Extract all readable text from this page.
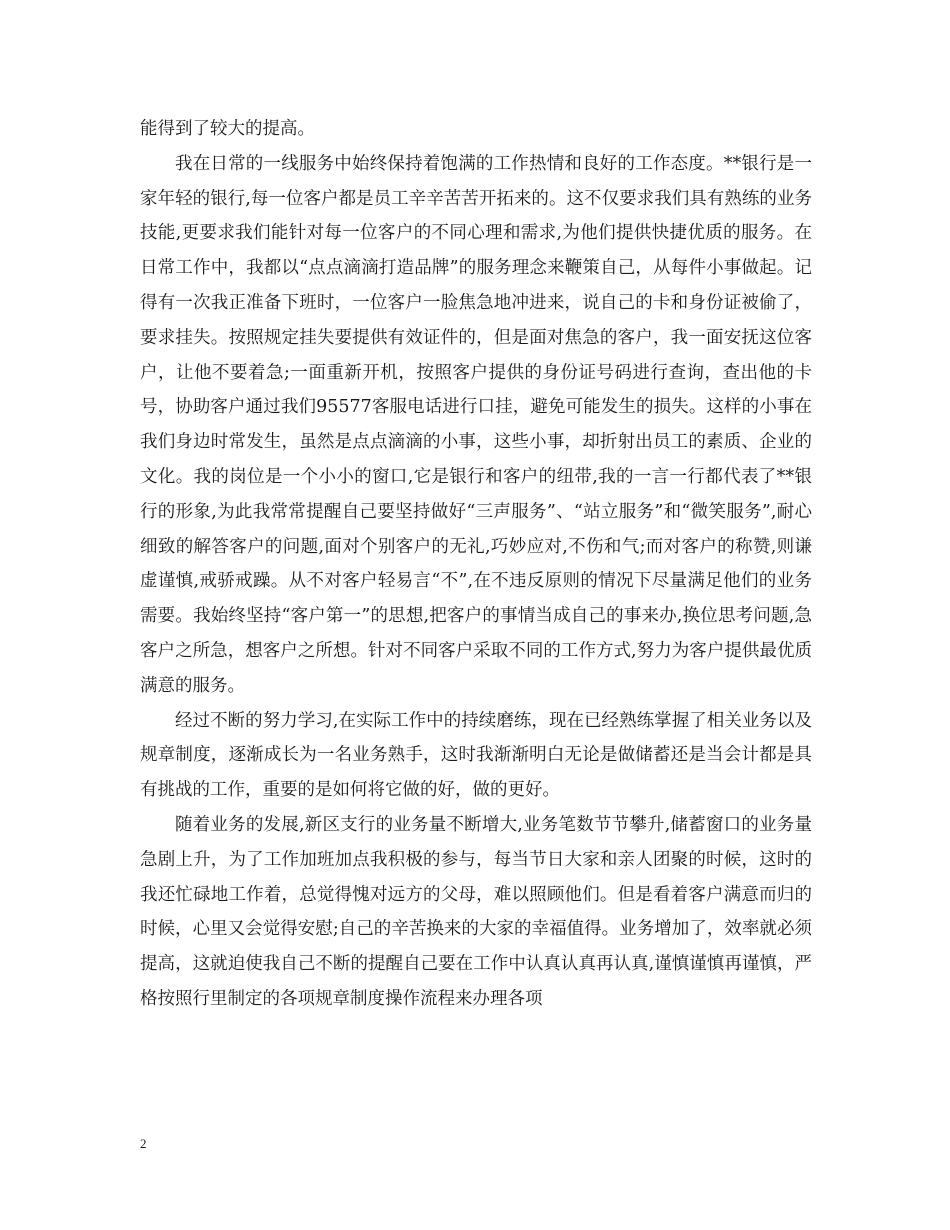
能得到了较大的提高。

我在日常的一线服务中始终保持着饱满的工作热情和良好的工作态度。**银行是一家年轻的银行,每一位客户都是员工辛辛苦苦开拓来的。这不仅要求我们具有熟练的业务技能,更要求我们能针对每一位客户的不同心理和需求,为他们提供快捷优质的服务。在日常工作中，我都以“点点滴滴打造品牌”的服务理念来鞭策自己，从每件小事做起。记得有一次我正准备下班时，一位客户一脸焦急地冲进来，说自己的卡和身份证被偷了，要求挂失。按照规定挂失要提供有效证件的，但是面对焦急的客户，我一面安抚这位客户，让他不要着急;一面重新开机，按照客户提供的身份证号码进行查询，查出他的卡号，协助客户通过我们95577客服电话进行口挂，避免可能发生的损失。这样的小事在我们身边时常发生，虽然是点点滴滴的小事，这些小事，却折射出员工的素质、企业的文化。我的岗位是一个小小的窗口,它是银行和客户的纽带,我的一言一行都代表了**银行的形象,为此我常常提醒自己要坚持做好“三声服务”、“站立服务”和“微笑服务”,耐心细致的解答客户的问题,面对个别客户的无礼,巧妙应对,不伤和气;而对客户的称赞,则谦虚谨慎,戒骄戒躁。从不对客户轻易言“不”,在不违反原则的情况下尽量满足他们的业务需要。我始终坚持“客户第一”的思想,把客户的事情当成自己的事来办,换位思考问题,急客户之所急，想客户之所想。针对不同客户采取不同的工作方式,努力为客户提供最优质满意的服务。

经过不断的努力学习,在实际工作中的持续磨练，现在已经熟练掌握了相关业务以及规章制度，逐渐成长为一名业务熟手，这时我渐渐明白无论是做储蓄还是当会计都是具有挑战的工作，重要的是如何将它做的好，做的更好。

随着业务的发展,新区支行的业务量不断增大,业务笔数节节攀升,储蓄窗口的业务量急剧上升，为了工作加班加点我积极的参与，每当节日大家和亲人团聚的时候，这时的我还忙碌地工作着，总觉得愧对远方的父母，难以照顾他们。但是看着客户满意而归的时候，心里又会觉得安慰;自己的辛苦换来的大家的幸福值得。业务增加了，效率就必须提高，这就迫使我自己不断的提醒自己要在工作中认真认真再认真,谨慎谨慎再谨慎，严格按照行里制定的各项规章制度操作流程来办理各项

2
